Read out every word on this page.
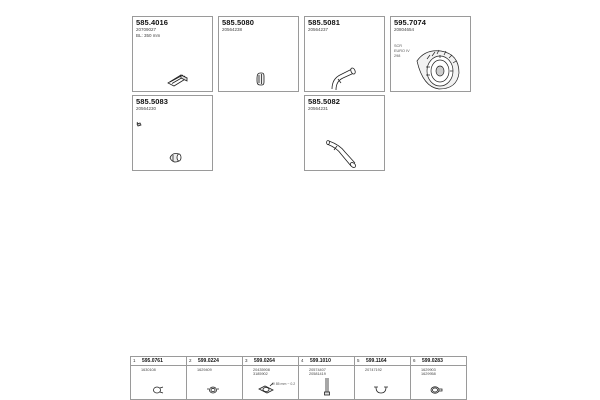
585.4016
20709027
BL: 350 mm
585.5080
20564238
585.5081
20564237
595.7074
20804654
SCR
EURO IV
298
585.5083
20564230
585.5082
20564231
1 595.0761
1630108
2 599.0224
1629409
3 599.0264
20435908
3185902
Ø 85 mm ~ 0.2
4 599.1010
20574407
20581419
5 599.1164
20747192
6 599.0283
1629903
1629958
